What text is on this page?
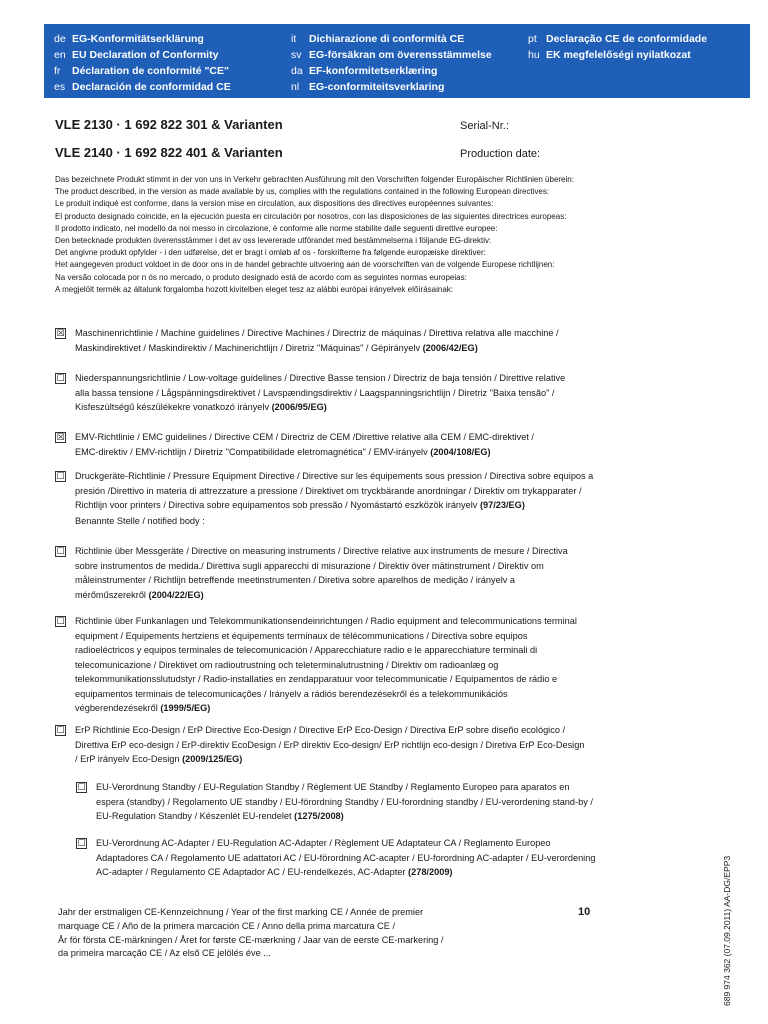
de EG-Konformitätserklärung
en EU Declaration of Conformity
fr Déclaration de conformité "CE"
es Declaración de conformidad CE
it Dichiarazione di conformità CE
sv EG-försäkran om överensstämmelse
da EF-konformitetserklæring
nl EG-conformiteitsverklaring
pt Declaração CE de conformidade
hu EK megfelelőségi nyilatkozat
VLE 2130 · 1 692 822 301 & Varianten
VLE 2140 · 1 692 822 401 & Varianten
Serial-Nr.:
Production date:
Das bezeichnete Produkt stimmt in der von uns in Verkehr gebrachten Ausführung mit den Vorschriften folgender Europäischer Richtlinien überein:
The product described, in the version as made available by us, complies with the regulations contained in the following European directives:
Le produit indiqué est conforme, dans la version mise en circulation, aux dispositions des directives européennes suivantes:
El producto designado coincide, en la ejecución puesta en circulación por nosotros, con las disposiciones de las siguientes directrices europeas:
Il prodotto indicato, nel modello da noi messo in circolazione, è conforme alle norme stabilite dalle seguenti direttive europee:
Den betecknade produkten överensstämmer i det av oss levererade utförandet med bestämmelserna i följande EG-direktiv:
Det angivne produkt opfylder - i den udførelse, det er bragt i omløb af os - forskrifterne fra følgende europæiske direktiver:
Het aangegeven product voldoet in de door ons in de handel gebrachte uitvoering aan de voorschriften van de volgende Europese richtlijnen:
Na versão colocada por n ós no mercado, o produto designado está de acordo com as seguintes normas europeias:
A megjelölt termék az általunk forgalomba hozott kivitelben eleget tesz az alábbi európai irányelvek előírásainak:
☒ Maschinenrichtlinie / Machine guidelines / Directive Machines / Directriz de máquinas / Direttiva relativa alle macchine /
Maskindirektivet / Maskindirektiv / Machinerichtlijn / Diretriz "Máquinas" / Gépirányelv (2006/42/EG)
☐ Niederspannungsrichtlinie / Low-voltage guidelines / Directive Basse tension / Directriz de baja tensión / Direttive relative
alla bassa tensione / Lågspänningsdirektivet / Lavspændingsdirektiv / Laagspanningsrichtlijn / Diretriz "Baixa tensão" /
Kisfeszültségű készülékekre vonatkozó irányelv (2006/95/EG)
☒ EMV-Richtlinie / EMC guidelines / Directive CEM / Directriz de CEM /Direttive relative alla CEM / EMC-direktivet /
EMC-direktiv / EMV-richtlijn / Diretriz "Compatibilidade eletromagnética" / EMV-irányelv (2004/108/EG)
☐ Druckgeräte-Richtlinie / Pressure Equipment Directive / Directive sur les équipements sous pression / Directiva sobre equipos a
presión /Direttivo in materia di attrezzature a pressione / Direktivet om tryckbärande anordningar / Direktiv om trykapparater /
Richtlijn voor printers / Directiva sobre equipamentos sob pressão / Nyomástartó eszközök irányelv (97/23/EG)
Benannte Stelle / notified body :
☐ Richtlinie über Messgeräte / Directive on measuring instruments / Directive relative aux instruments de mesure / Directiva
sobre instrumentos de medida./ Direttiva sugli apparecchi di misurazione / Direktiv över mätinstrument / Direktiv om
måleinstrumenter / Richtlijn betreffende meetinstrumenten / Diretiva sobre aparelhos de medição / irányelv a
mérőműszerekről (2004/22/EG)
☐ Richtlinie über Funkanlagen und Telekommunikationsendeinrichtungen / Radio equipment and telecommunications terminal
equipment / Equipements hertziens et équipements terminaux de télécommunications / Directiva sobre equipos
radioeléctricos y equipos terminales de telecomunicación / Apparecchiature radio e le apparecchiature terminali di
telecomunicazione / Direktivet om radioutrustning och teleterminalutrustning / Direktiv om radioanlæg og
telekommunikationsslutudstyr / Radio-installaties en zendapparatuur voor telecommunicatie / Equipamentos de rádio e
equipamentos terminais de telecomunicações / Irányelv a rádiós berendezésekről és a telekommunikációs
végberendezésekről (1999/5/EG)
☐ ErP Richtlinie Eco-Design / ErP Directive Eco-Design / Directive ErP Eco-Design / Directiva ErP sobre diseño ecológico /
Direttiva ErP eco-design / ErP-direktiv EcoDesign / ErP direktiv Eco-design/ ErP richtlijn eco-design / Diretiva ErP Eco-Design
/ ErP irányelv Eco-Design (2009/125/EG)
☐ EU-Verordnung Standby / EU-Regulation Standby / Règlement UE Standby / Reglamento Europeo para aparatos en
espera (standby) / Regolamento UE standby / EU-förordning Standby / EU-forordning standby / EU-verordening stand-by /
EU-Regulation Standby / Készenlét EU-rendelet (1275/2008)
☐ EU-Verordnung AC-Adapter / EU-Regulation AC-Adapter / Règlement UE Adaptateur CA / Reglamento Europeo
Adaptadores CA / Regolamento UE adattatori AC / EU-förordning AC-acapter / EU-forordning AC-adapter / EU-verordening
AC-adapter / Regulamento CE Adaptador AC / EU-rendelkezés, AC-Adapter (278/2009)
Jahr der erstmaligen CE-Kennzeichnung / Year of the first marking CE / Année de premier
marquage CE / Año de la primera marcación CE / Anno della prima marcatura CE /
År för första CE-märkningen / Året for første CE-mærkning / Jaar van de eerste CE-markering /
da primeira marcação CE / Az első CE jelölés éve ...
10	689 974 362 (07.09.2011) AA-DG/EPP3
